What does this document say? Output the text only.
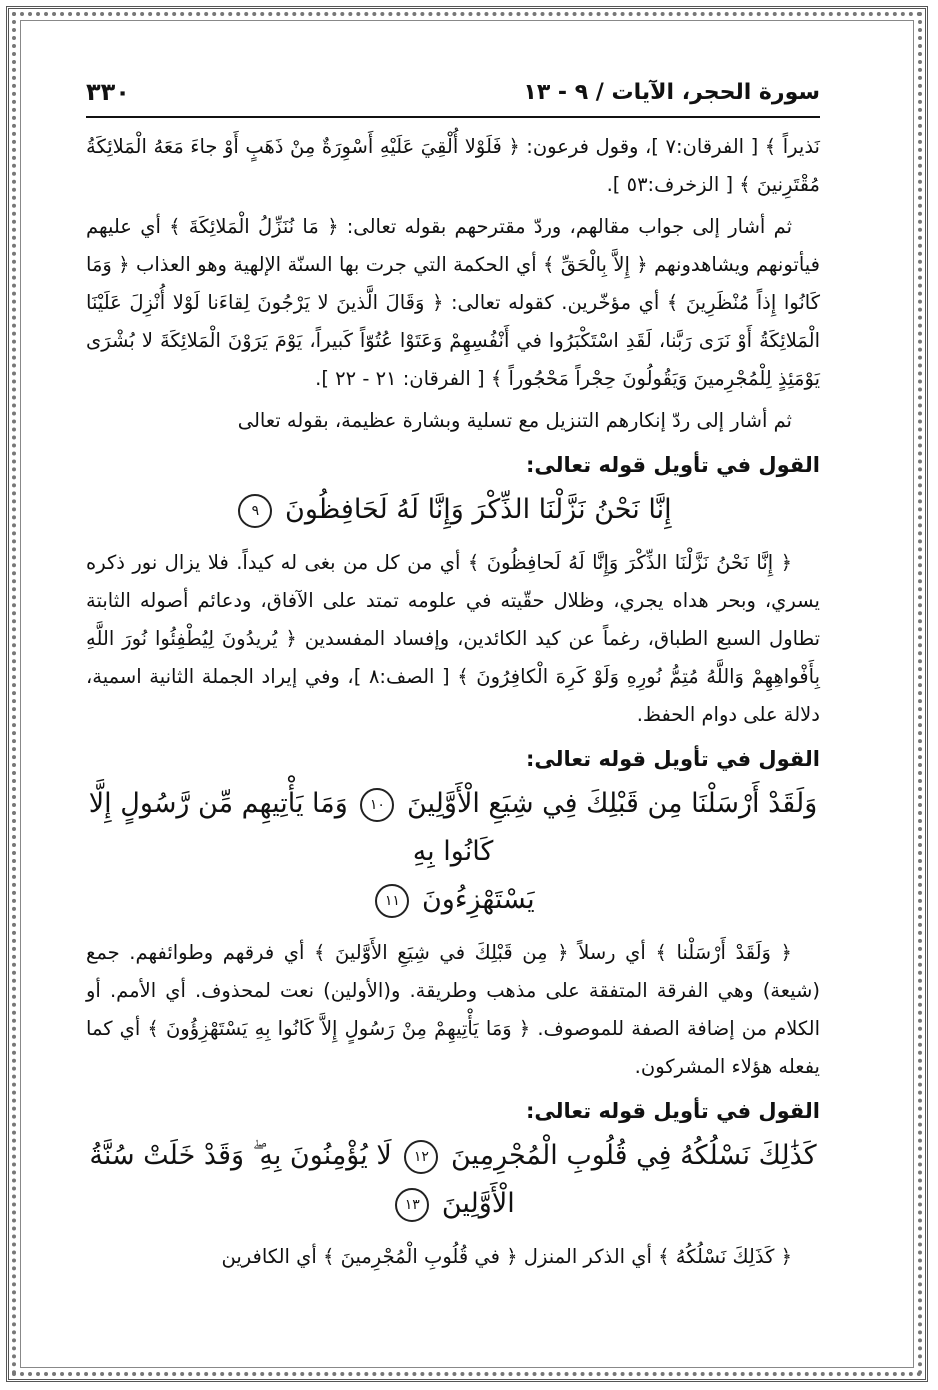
سورة الحجر، الآيات / ٩ - ١٣
٣٣٠

نَذيراً ﴾ [ الفرقان:٧ ]، وقول فرعون: ﴿ فَلَوْلا أُلْقِيَ عَلَيْهِ أَسْوِرَةٌ مِنْ ذَهَبٍ أَوْ جاءَ مَعَهُ الْمَلائِكَةُ مُقْتَرِنينَ ﴾ [ الزخرف:٥٣ ].

ثم أشار إلى جواب مقالهم، وردّ مقترحهم بقوله تعالى: ﴿ مَا نُنَزِّلُ الْمَلائِكَةَ ﴾ أي عليهم فيأتونهم ويشاهدونهم ﴿ إِلاَّ بِالْحَقِّ ﴾ أي الحكمة التي جرت بها السنّة الإلهية وهو العذاب ﴿ وَمَا كَانُوا إِذاً مُنْظَرِينَ ﴾ أي مؤخّرين. كقوله تعالى: ﴿ وَقَالَ الَّذينَ لا يَرْجُونَ لِقاءَنا لَوْلا أُنْزِلَ عَلَيْنَا الْمَلائِكَةُ أَوْ نَرَى رَبَّنا، لَقَدِ اسْتَكْبَرُوا في أَنْفُسِهِمْ وَعَتَوْا عُتُوّاً كَبيراً، يَوْمَ يَرَوْنَ الْمَلائِكَةَ لا بُشْرَى يَوْمَئِذٍ لِلْمُجْرِمينَ وَيَقُولُونَ حِجْراً مَحْجُوراً ﴾ [ الفرقان: ٢١ - ٢٢ ].

ثم أشار إلى ردّ إنكارهم التنزيل مع تسلية وبشارة عظيمة، بقوله تعالى

القول في تأويل قوله تعالى:
إِنَّا نَحْنُ نَزَّلْنَا الذِّكْرَ وَإِنَّا لَهُ لَحَافِظُونَ ٩

﴿ إِنَّا نَحْنُ نَزَّلْنَا الذِّكْرَ وَإِنَّا لَهُ لَحافِظُونَ ﴾ أي من كل من بغى له كيداً. فلا يزال نور ذكره يسري، وبحر هداه يجري، وظلال حقّيته في علومه تمتد على الآفاق، ودعائم أصوله الثابتة تطاول السبع الطباق، رغماً عن كيد الكائدين، وإفساد المفسدين ﴿ يُريدُونَ لِيُطْفِئُوا نُورَ اللَّهِ بِأَفْواهِهِمْ وَاللَّهُ مُتِمُّ نُورِهِ وَلَوْ كَرِهَ الْكافِرُونَ ﴾ [ الصف:٨ ]، وفي إيراد الجملة الثانية اسمية، دلالة على دوام الحفظ.

القول في تأويل قوله تعالى:
وَلَقَدْ أَرْسَلْنَا مِن قَبْلِكَ فِي شِيَعِ الْأَوَّلِينَ ١٠ وَمَا يَأْتِيهِم مِّن رَّسُولٍ إِلَّا كَانُوا بِهِ
يَسْتَهْزِءُونَ ١١

﴿ وَلَقَدْ أَرْسَلْنا ﴾ أي رسلاً ﴿ مِن قَبْلِكَ في شِيَعِ الأَوَّلينَ ﴾ أي فرقهم وطوائفهم. جمع (شيعة) وهي الفرقة المتفقة على مذهب وطريقة. و(الأولين) نعت لمحذوف. أي الأمم. أو الكلام من إضافة الصفة للموصوف. ﴿ وَمَا يَأْتِيهِمْ مِنْ رَسُولٍ إِلاَّ كَانُوا بِهِ يَسْتَهْزِؤُونَ ﴾ أي كما يفعله هؤلاء المشركون.

القول في تأويل قوله تعالى:
كَذَٰلِكَ نَسْلُكُهُ فِي قُلُوبِ الْمُجْرِمِينَ ١٢ لَا يُؤْمِنُونَ بِهِ ۖ وَقَدْ خَلَتْ سُنَّةُ الْأَوَّلِينَ ١٣

﴿ كَذَلِكَ نَسْلُكُهُ ﴾ أي الذكر المنزل ﴿ في قُلُوبِ الْمُجْرِمينَ ﴾ أي الكافرين
